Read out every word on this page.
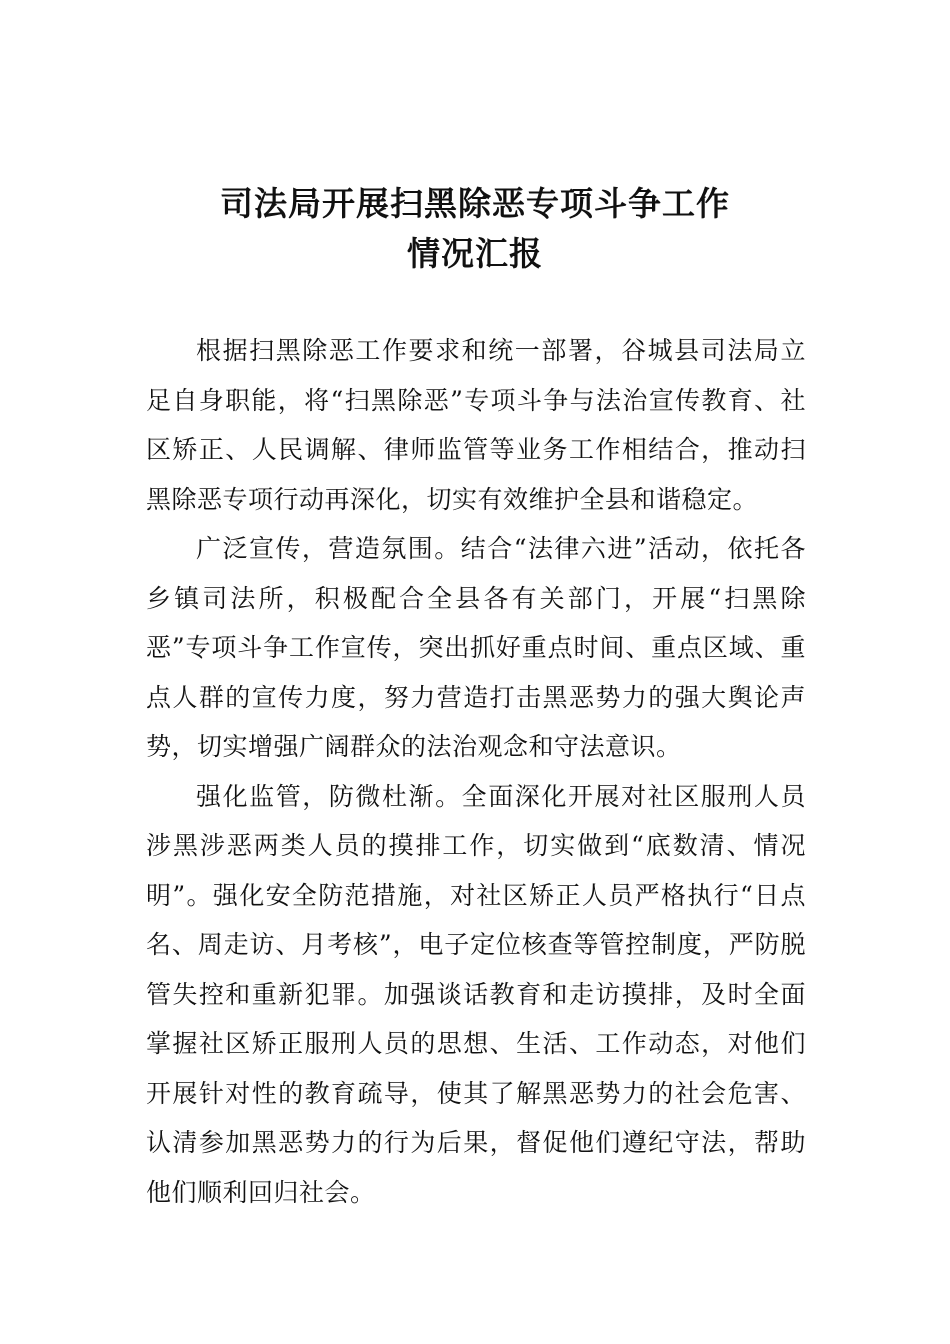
司法局开展扫黑除恶专项斗争工作
情况汇报

根据扫黑除恶工作要求和统一部署，谷城县司法局立足自身职能，将“扫黑除恶”专项斗争与法治宣传教育、社区矫正、人民调解、律师监管等业务工作相结合，推动扫黑除恶专项行动再深化，切实有效维护全县和谐稳定。

广泛宣传，营造氛围。结合“法律六进”活动，依托各乡镇司法所，积极配合全县各有关部门，开展“扫黑除恶”专项斗争工作宣传，突出抓好重点时间、重点区域、重点人群的宣传力度，努力营造打击黑恶势力的强大舆论声势，切实增强广阔群众的法治观念和守法意识。

强化监管，防微杜渐。全面深化开展对社区服刑人员涉黑涉恶两类人员的摸排工作，切实做到“底数清、情况明”。强化安全防范措施，对社区矫正人员严格执行“日点名、周走访、月考核”，电子定位核查等管控制度，严防脱管失控和重新犯罪。加强谈话教育和走访摸排，及时全面掌握社区矫正服刑人员的思想、生活、工作动态，对他们开展针对性的教育疏导，使其了解黑恶势力的社会危害、认清参加黑恶势力的行为后果，督促他们遵纪守法，帮助他们顺利回归社会。
